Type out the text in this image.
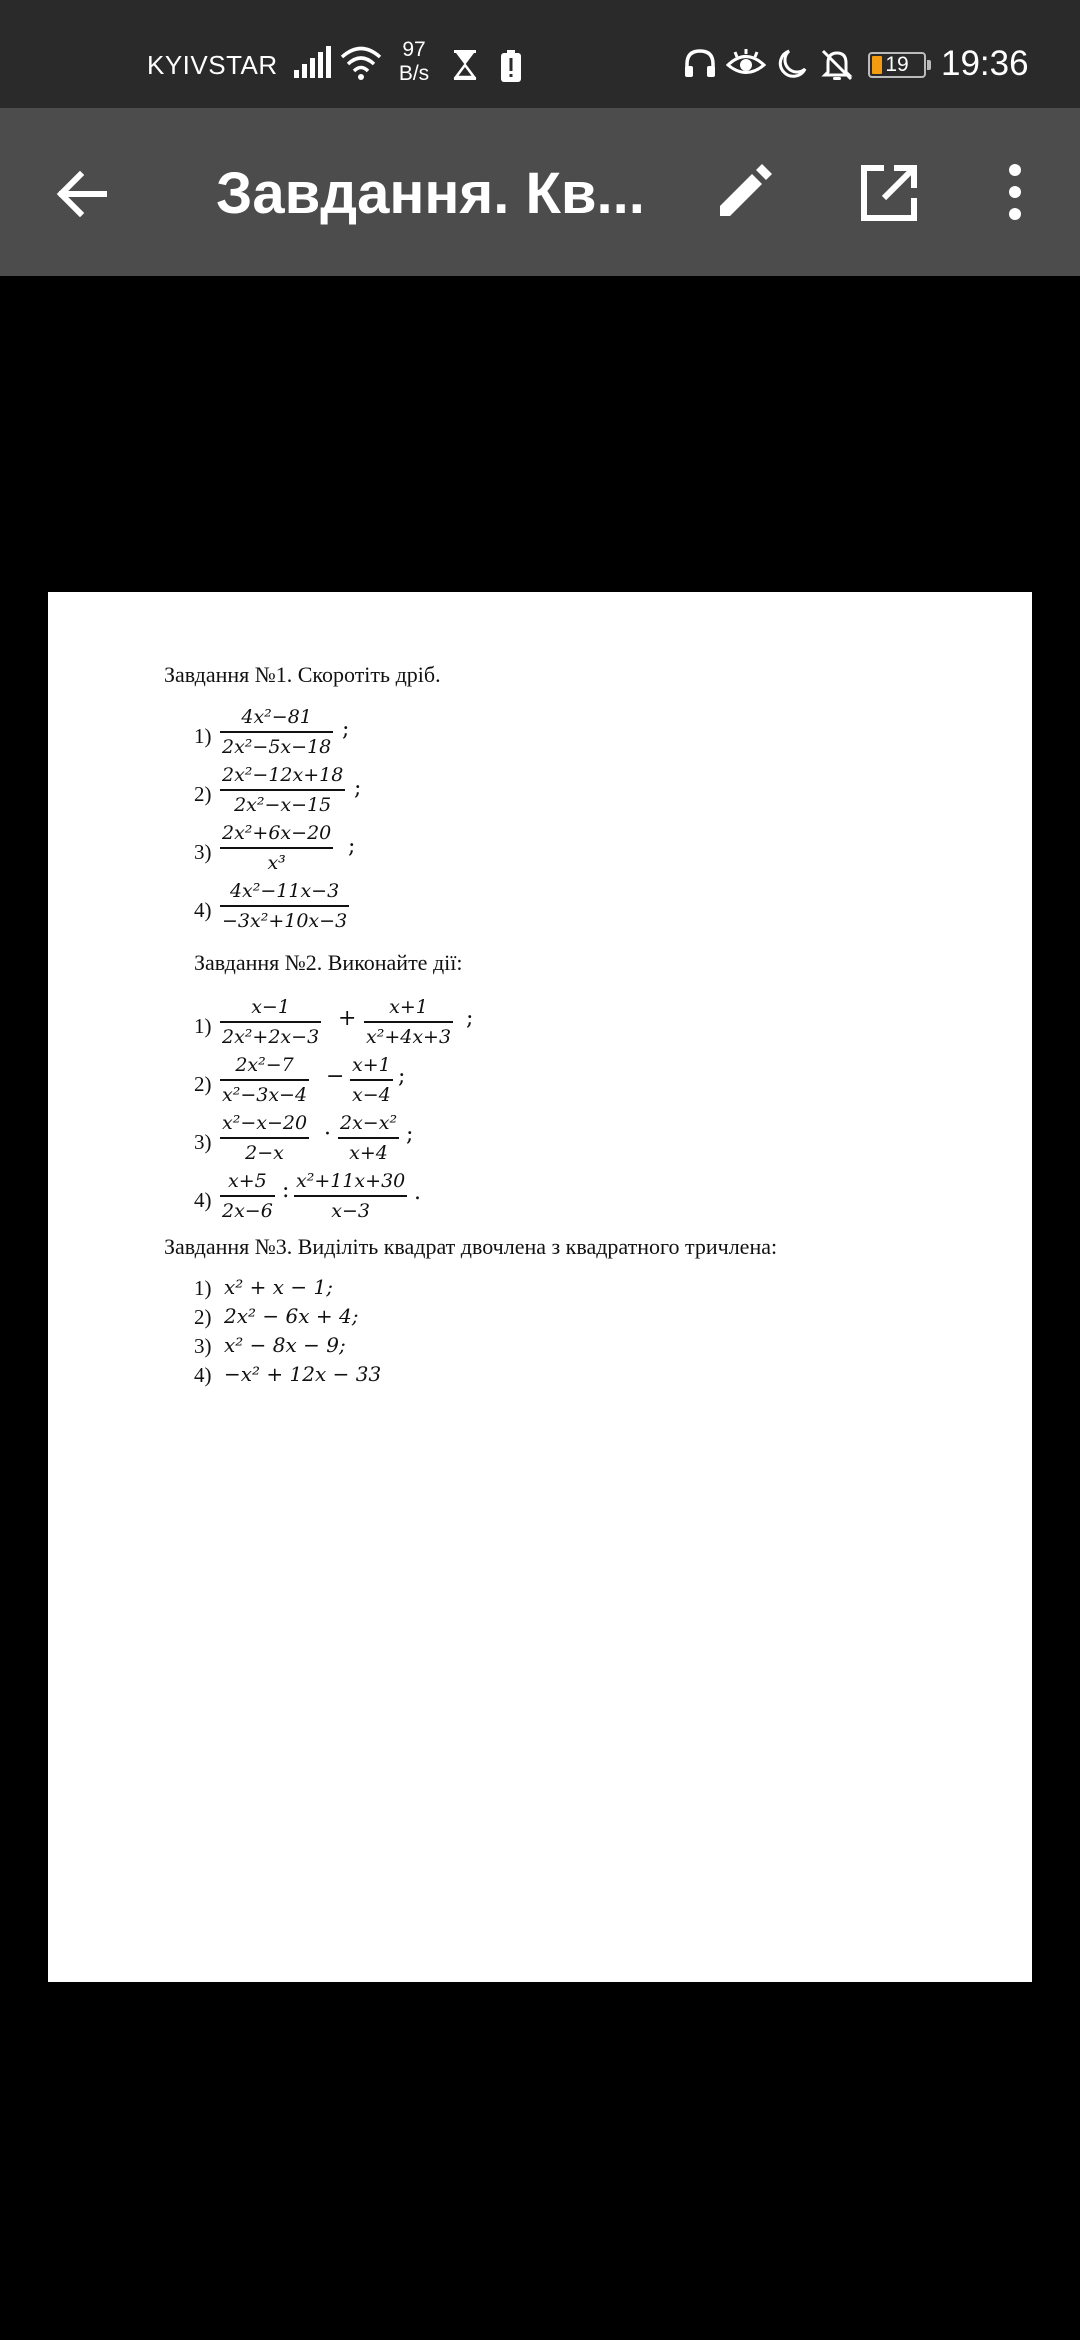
KYIVSTAR
97
B/s	19 19:36
Завдання. Кв...
Завдання №1. Скоротіть дріб.
1)
4x²−81
2x²−5x−18
;
2)
2x²−12x+18
2x²−x−15
;
3)
2x²+6x−20
x³
;
4)
4x²−11x−3
−3x²+10x−3
Завдання №2. Виконайте дії:
1)
x−1
2x²+2x−3
+ x+1
x²+4x+3
;
2)
2x²−7
x²−3x−4
− x+1
x−4
;
3)
x²−x−20
2−x
· 2x−x²
x+4
;
4)
x+5
2x−6
: x²+11x+30
x−3
.
Завдання №3. Виділіть квадрат двочлена з квадратного тричлена:
1) x² + x − 1;
2) 2x² − 6x + 4;
3) x² − 8x − 9;
4) −x² + 12x − 33
